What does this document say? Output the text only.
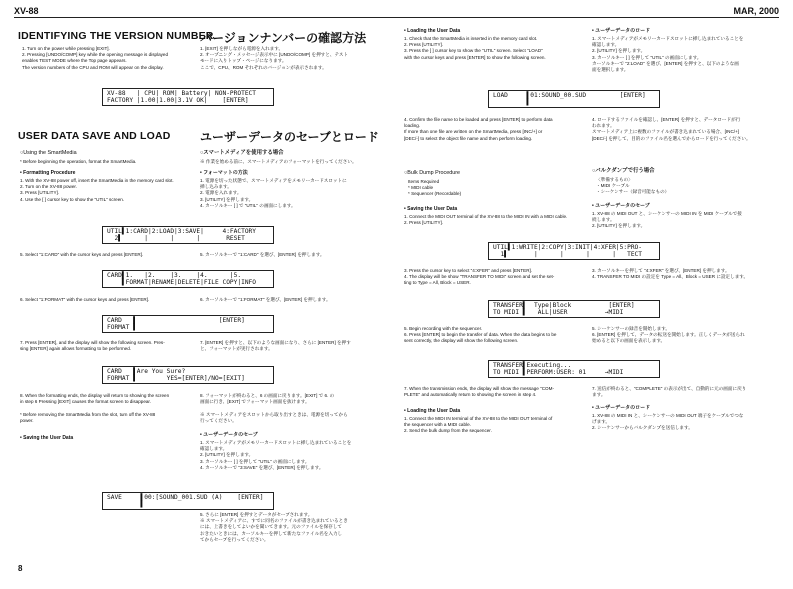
XV-88	MAR, 2000
IDENTIFYING THE VERSION NUMBER
バージョンナンバーの確認方法
1. Turn on the power while pressing [EXIT].
2. Pressing [UNDO/COMP] key while the opening message is displayed
enables TEST MODE where the Top page appears.
The version numbers of the CPU and ROM will appear on the display.
1. [EXIT] を押しながら電源を入れます。
2. オープニング・メッセージ表示中に [UNDO/COMP] を押すと、テスト
モードに入りトップ・ページになります。
ここで、CPU、ROM それぞれのバージョンが表示されます。
XV-88   | CPU| ROM| Battery| NON-PROTECT
FACTORY |1.00|1.00|3.1V OK|    [ENTER]
USER DATA SAVE AND LOAD ユーザーデータのセーブとロード
○Using the SmartMedia
* Before beginning the operation, format the SmartMedia.
○スマートメディアを使用する場合
※ 作業を始める前に、スマートメディアのフォーマットを行ってください。
• Formatting Procedure
1. With the XV-88 power off, insert the SmartMedia in the memory card slot.
2. Turn on the XV-88 power.
3. Press [UTILITY].
4. Use the [ ] cursor key to show the "UTIL" screen.
• フォーマットの方法
1. 電源を切った状態で、スマートメディアをメモリーカードスロットに
挿し込みます。
2. 電源を入れます。
3. [UTILITY] を押します。
4. カーソルキー [ ] で "UTIL" の画面にします。
UTIL▌1:CARD|2:LOAD|3:SAVE|     4:FACTORY
2▌      |      |      |       RESET
5. Select "1:CARD" with the cursor keys and press [ENTER].	5. カーソルキーで "1:CARD" を選び、[ENTER] を押します。
CARD▌1.   |2.    |3.    |4.      |5.
▌FORMAT|RENAME|DELETE|FILE COPY|INFO
6. Select "1:FORMAT" with the cursor keys and press [ENTER].	6. カーソルキーで "1:FORMAT" を選び、[ENTER] を押します。
CARD   ▌                      [ENTER]
FORMAT ▌
7. Press [ENTER], and the display will show the following screen. Pres-
sing [ENTER] again allows formatting to be performed.
7. [ENTER] を押すと、以下のような画面になり、さらに [ENTER] を押す
と、フォーマットが実行されます。
CARD   ▌Are You Sure?
FORMAT ▌        YES=[ENTER]/NO=[EXIT]
8. When the formatting ends, the display will return to showing the screen
in step 6 Pressing [EXIT] causes the format screen to disappear.
8. フォーマットが終わると、6 の画面に戻ります。[EXIT] で 6. の
画面に行き、[EXIT] でフォーマット画面を抜けます。
* Before removing the SmartMedia from the slot, turn off the XV-88
power.
※ スマートメディアをスロットから取り出すときは、電源を切ってから
行ってください。
• Saving the User Data	• ユーザーデータのセーブ
1. スマートメディアがメモリーカードスロットに挿し込まれていることを
確認します。
2. [UTILITY] を押します。
3. カーソルキー [ ] を押して "UTIL" の画面にします。
4. カーソルキーで "3:SAVE" を選び、[ENTER] を押します。
SAVE     ▌00:[SOUND_001.SUD (A)    [ENTER]
▌
5. さらに [ENTER] を押すとデータがセーブされます。
※ スマートメディアに、すでに同名のファイルが書き込まれているとき
には、上書きをしてよいかを聞いてきます。元のファイルを保存して
おきたいときには、カーソルキーを押して新たなファイル名を入力し
てからセーブを行ってください。
8
• Loading the User Data
1. Check that the SmartMedia is inserted in the memory card slot.
2. Press [UTILITY].
3. Press the [ ] cursor key to show the "UTIL" screen. Select "LOAD"
with the cursor keys and press [ENTER] to show the following screen.
• ユーザーデータのロード
1. スマートメディアがメモリーカードスロットに挿し込まれていることを
確認します。
2. [UTILITY] を押します。
3. カーソルキー [ ] を押して "UTIL" の画面にします。
カーソルキーで "2:LOAD" を選び、[ENTER] を押すと、以下のような画
面を選択します。
LOAD     ▌01:SOUND_00.SUD         [ENTER]
▌
4. Confirm the file name to be loaded and press [ENTER] to perform data
loading.
If more than one file are written on the SmartMedia, press [INC/+] or
[DEC/-] to select the object file name and then perform loading.
4. ロードするファイルを確認し、[ENTER] を押すと、データロードが行
われます。
スマートメディア上に複数のファイルが書き込まれている場合、[INC/+]
[DEC/-] を押して、目的のファイル名を選んでからロードを行ってください。
○Bulk Dump Procedure
Items Required
* MIDI cable
* Sequencer (Recordable)
○バルクダンプで行う場合
〈準備するもの〉
・MIDI ケーブル
・シーケンサー（録音可能なもの）
• Saving the User Data
1. Connect the MIDI OUT terminal of the XV-88 to the MIDI IN with a MIDI cable.
2. Press [UTILITY].
• ユーザーデータのセーブ
1. XV-88 の MIDI OUT と、シーケンサーの MIDI IN を MIDI ケーブルで接
続します。
2. [UTILITY] を押します。
UTIL▌1:WRITE|2:COPY|3:INIT|4:XFER|5:PRO-
1▌       |      |      |      |   TECT
3. Press the cursor key to select "4:XFER" and press [ENTER].
4. The display will be show "TRANSFER TO MIDI" screen and set the set-
ting to Type = All, Block = USER.
3. カーソルキーを押して "4:XFER" を選び、[ENTER] を押します。
4. TRANSFER TO MIDI の設定を Type = All、Block = USER に設定します。
TRANSFER▌  Type|Block          [ENTER]
TO MIDI ▌   ALL|USER          →MIDI
5. Begin recording with the sequencer.
6. Press [ENTER] to begin the transfer of data. When the data begins to be
sent correctly, the display will show the following screen.
5. シーケンサーの録音を開始します。
6. [ENTER] を押して、データの転送を開始します。正しくデータが送られ
始めると以下の画面を表示します。
TRANSFER▌Executing...
TO MIDI ▌PERFORM:USER: 01     →MIDI
7. When the transmission ends, the display will show the message "COM-
PLETE" and automatically return to showing the screen in step 4.
7. 送信が終わると、"COMPLETE" の表示が出て、自動的に元の画面に戻り
ます。
• Loading the User Data
1. Connect the MIDI IN terminal of the XV-88 to the MIDI OUT terminal of
the sequencer with a MIDI cable.
2. Send the bulk dump from the sequencer.
• ユーザーデータのロード
1. XV-88 の MIDI IN と、シーケンサーの MIDI OUT 端子をケーブルでつな
げます。
2. シーケンサーからバルクダンプを送信します。
